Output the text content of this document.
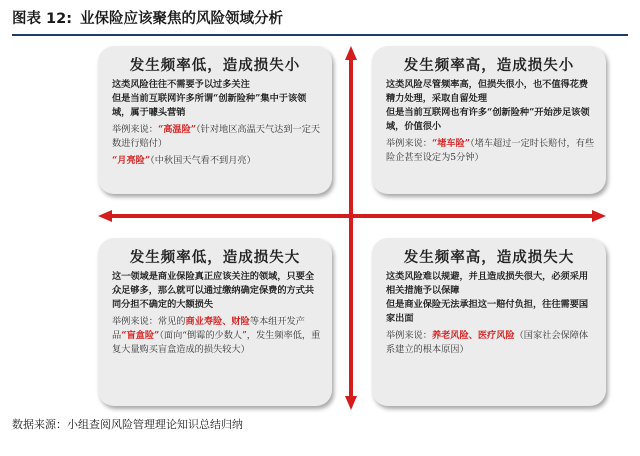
图表 12: 业保险应该聚焦的风险领域分析
发生频率低，造成损失小
这类风险往往不需要予以过多关注
但是当前互联网许多所谓“创新险种”集中于该领域，属于噱头营销
举例来说：“高温险”（针对地区高温天气达到一定天数进行赔付）
“月亮险”（中秋国天气看不到月亮）
发生频率高，造成损失小
这类风险尽管频率高，但损失很小，也不值得花费精力处理，采取自留处理
但是当前互联网也有许多“创新险种”开始涉足该领域，价值很小
举例来说：“堵车险”（堵车超过一定时长赔付，有些险企甚至设定为5分钟）
发生频率低，造成损失大
这一领域是商业保险真正应该关注的领域，只要全众足够多，那么就可以通过缴纳确定保费的方式共同分担不确定的大额损失
举例来说：常见的商业寿险、财险等本组开发产品“盲盒险”（面向“倒霉的少数人”，发生频率低，重复大量购买盲盒造成的损失较大）
发生频率高，造成损失大
这类风险难以规避，并且造成损失很大，必须采用相关措施予以保障
但是商业保险无法承担这一赔付负担，往往需要国家出面
举例来说：养老风险、医疗风险（国家社会保障体系建立的根本原因）
数据来源：小组查阅风险管理理论知识总结归纳
